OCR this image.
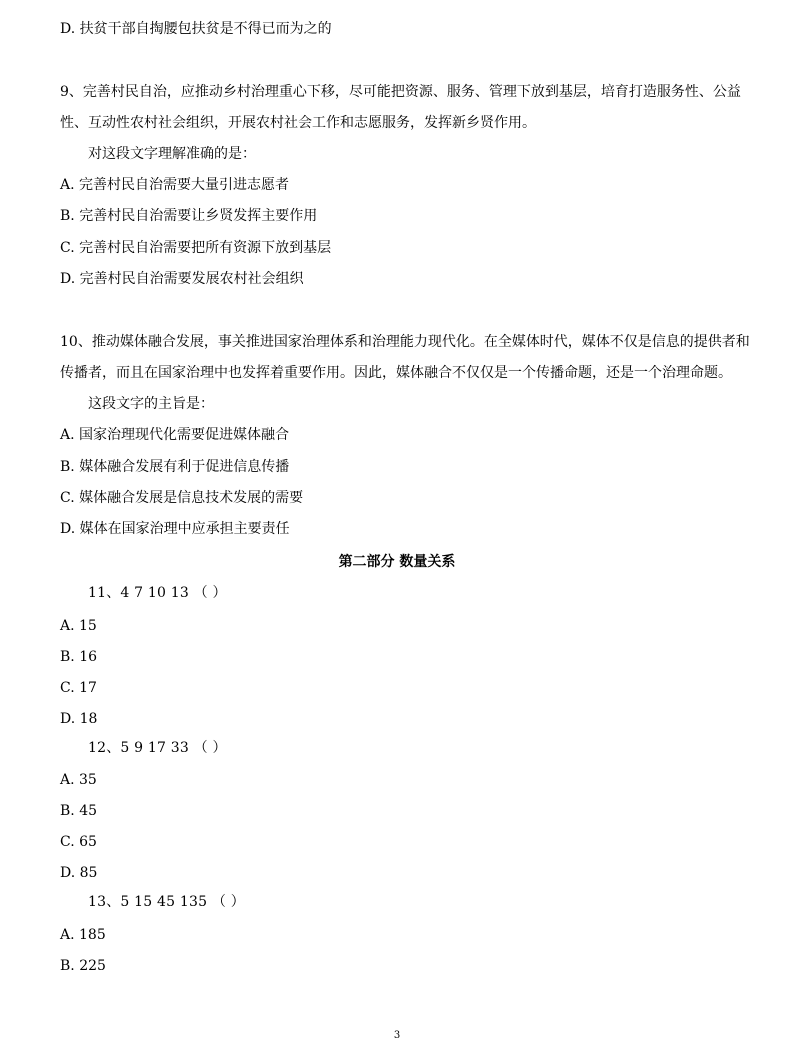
D. 扶贫干部自掏腰包扶贫是不得已而为之的
9、完善村民自治，应推动乡村治理重心下移，尽可能把资源、服务、管理下放到基层，培育打造服务性、公益
性、互动性农村社会组织，开展农村社会工作和志愿服务，发挥新乡贤作用。
对这段文字理解准确的是：
A. 完善村民自治需要大量引进志愿者
B. 完善村民自治需要让乡贤发挥主要作用
C. 完善村民自治需要把所有资源下放到基层
D. 完善村民自治需要发展农村社会组织
10、推动媒体融合发展，事关推进国家治理体系和治理能力现代化。在全媒体时代，媒体不仅是信息的提供者和
传播者，而且在国家治理中也发挥着重要作用。因此，媒体融合不仅仅是一个传播命题，还是一个治理命题。
这段文字的主旨是：
A. 国家治理现代化需要促进媒体融合
B. 媒体融合发展有利于促进信息传播
C. 媒体融合发展是信息技术发展的需要
D. 媒体在国家治理中应承担主要责任
第二部分 数量关系
11、4 7 10 13 （ ）
A. 15
B. 16
C. 17
D. 18
12、5 9 17 33 （ ）
A. 35
B. 45
C. 65
D. 85
13、5 15 45 135 （ ）
A. 185
B. 225
3
